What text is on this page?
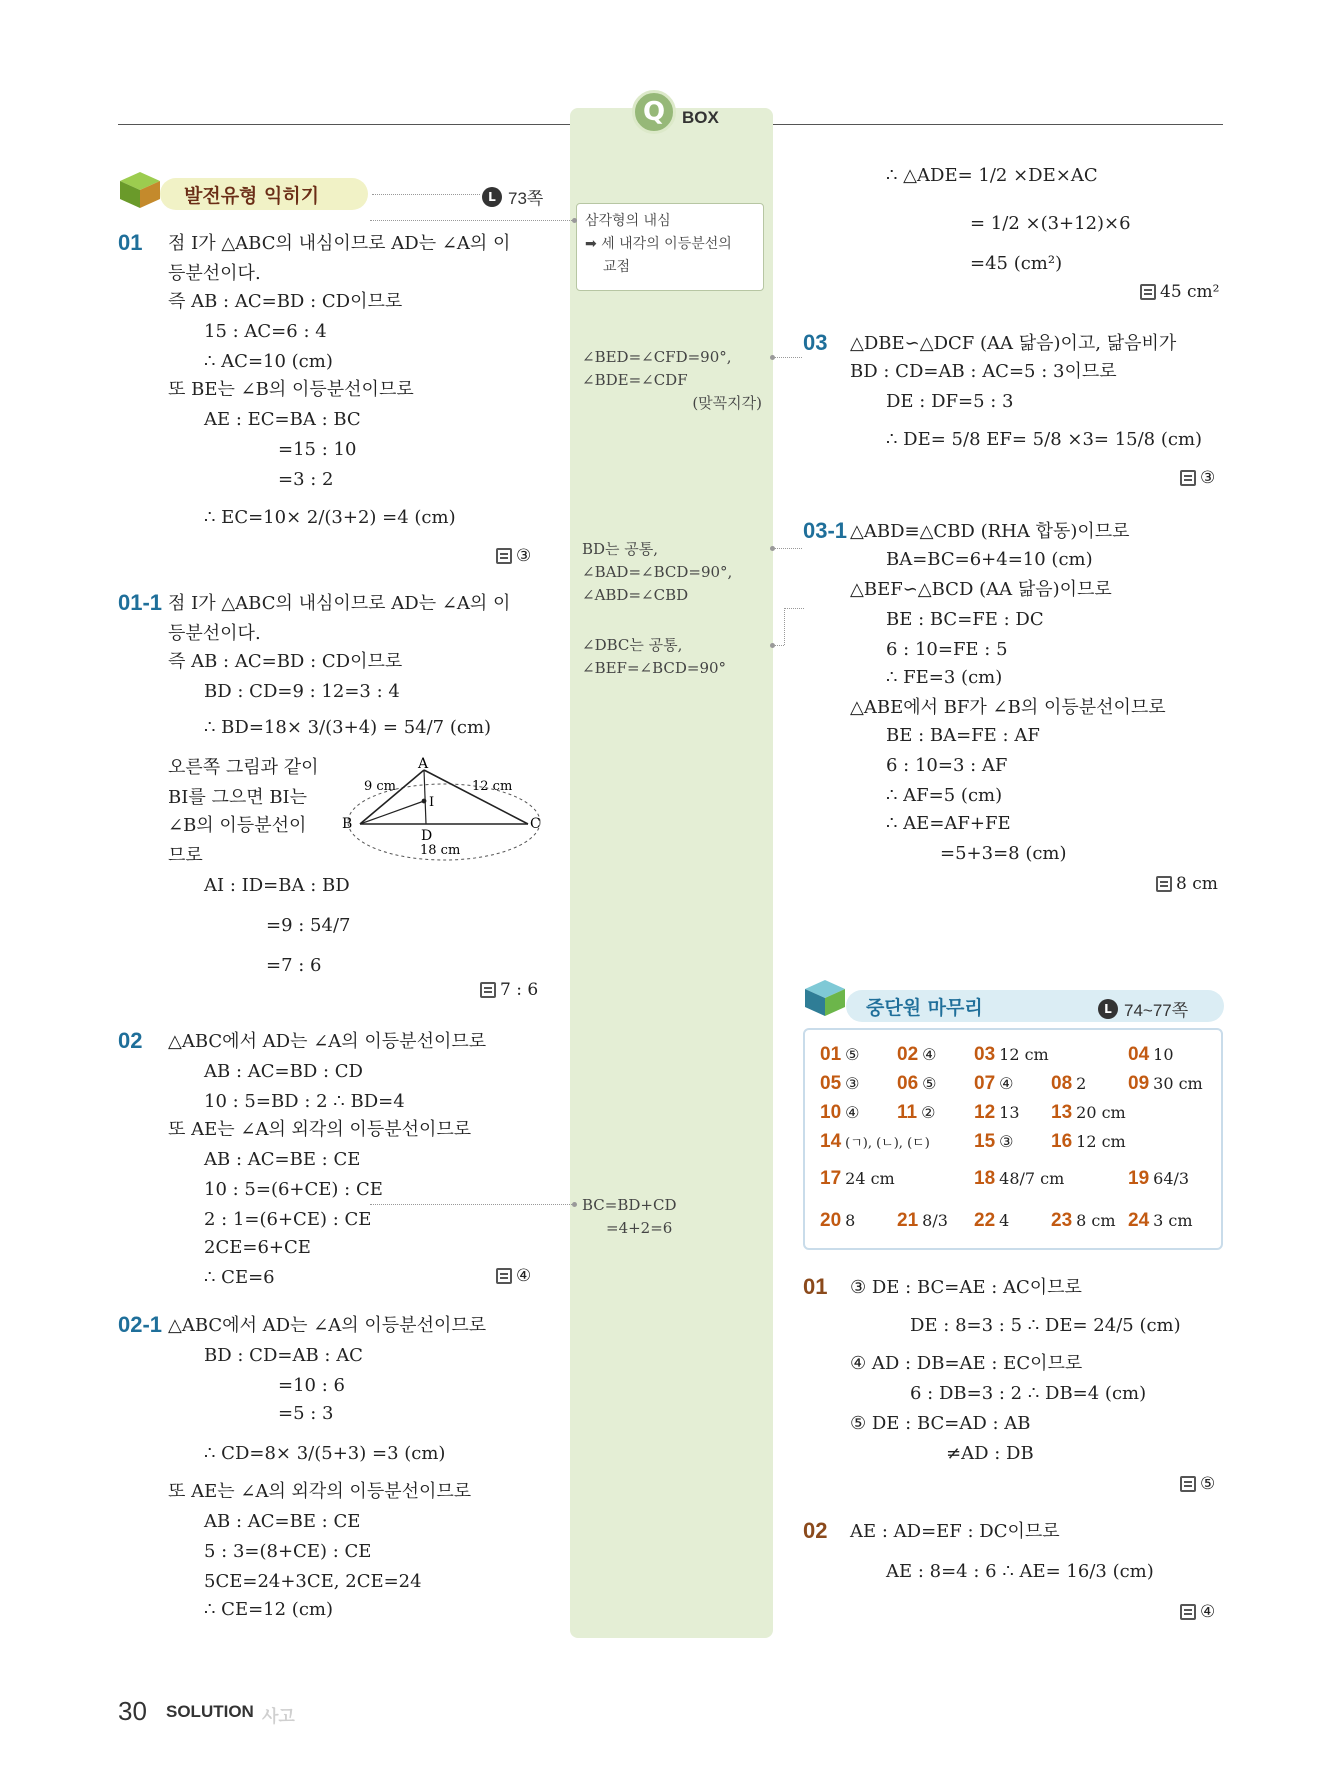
Q BOX
삼각형의 내심
➡ 세 내각의 이등분선의
교점
∠BED=∠CFD=90°,
∠BDE=∠CDF
(맞꼭지각)
BD는 공통,
∠BAD=∠BCD=90°,
∠ABD=∠CBD
∠DBC는 공통,
∠BEF=∠BCD=90°
BC=BD+CD
=4+2=6
발전유형 익히기	L 73쪽
01 점 I가 △ABC의 내심이므로 AD는 ∠A의 이
등분선이다.
즉 AB : AC=BD : CD이므로
15 : AC=6 : 4
∴ AC=10 (cm)
또 BE는 ∠B의 이등분선이므로
AE : EC=BA : BC
=15 : 10
=3 : 2
∴ EC=10× 2/(3+2) =4 (cm)
③
01-1 점 I가 △ABC의 내심이므로 AD는 ∠A의 이
등분선이다.
즉 AB : AC=BD : CD이므로
BD : CD=9 : 12=3 : 4
∴ BD=18× 3/(3+4) = 54/7 (cm)
오른쪽 그림과 같이
BI를 그으면 BI는
∠B의 이등분선이
므로
AI : ID=BA : BD
=9 : 54/7
=7 : 6
A
B	C
D
I
9 cm	12 cm
18 cm
7 : 6
02 △ABC에서 AD는 ∠A의 이등분선이므로
AB : AC=BD : CD
10 : 5=BD : 2 ∴ BD=4
또 AE는 ∠A의 외각의 이등분선이므로
AB : AC=BE : CE
10 : 5=(6+CE) : CE
2 : 1=(6+CE) : CE
2CE=6+CE
∴ CE=6	④
02-1 △ABC에서 AD는 ∠A의 이등분선이므로
BD : CD=AB : AC
=10 : 6
=5 : 3
∴ CD=8× 3/(5+3) =3 (cm)
또 AE는 ∠A의 외각의 이등분선이므로
AB : AC=BE : CE
5 : 3=(8+CE) : CE
5CE=24+3CE, 2CE=24
∴ CE=12 (cm)
∴ △ADE= 1/2 ×DE×AC
= 1/2 ×(3+12)×6
=45 (cm²)
45 cm²
03 △DBE∽△DCF (AA 닮음)이고, 닮음비가
BD : CD=AB : AC=5 : 3이므로
DE : DF=5 : 3
∴ DE= 5/8 EF= 5/8 ×3= 15/8 (cm)
③
03-1 △ABD≡△CBD (RHA 합동)이므로
BA=BC=6+4=10 (cm)
△BEF∽△BCD (AA 닮음)이므로
BE : BC=FE : DC
6 : 10=FE : 5
∴ FE=3 (cm)
△ABE에서 BF가 ∠B의 이등분선이므로
BE : BA=FE : AF
6 : 10=3 : AF
∴ AF=5 (cm)
∴ AE=AF+FE
=5+3=8 (cm)
8 cm
중단원 마무리	L 74~77쪽
01 ⑤ 02 ④ 03 12 cm	04 10
05 ③ 06 ⑤ 07 ④ 08 2 09 30 cm
10 ④ 11 ② 12 13 13 20 cm
14 (ㄱ), (ㄴ), (ㄷ) 15 ③ 16 12 cm
17 24 cm	18 48/7 cm	19 64/3
20 8 21 8/3 22 4 23 8 cm 24 3 cm
01 ③ DE : BC=AE : AC이므로
DE : 8=3 : 5 ∴ DE= 24/5 (cm)
④ AD : DB=AE : EC이므로
6 : DB=3 : 2 ∴ DB=4 (cm)
⑤ DE : BC=AD : AB
≠AD : DB
⑤
02 AE : AD=EF : DC이므로
AE : 8=4 : 6 ∴ AE= 16/3 (cm)
④
30 SOLUTION 사고
